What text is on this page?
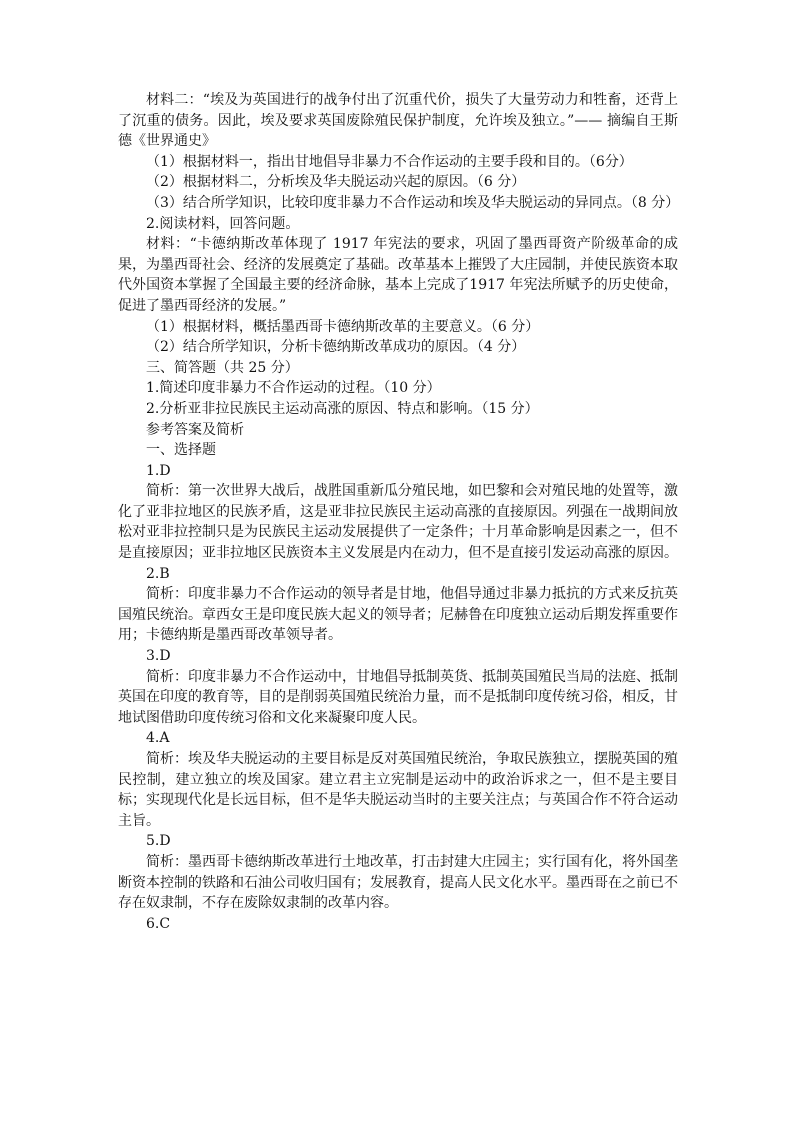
材料二：“埃及为英国进行的战争付出了沉重代价，损失了大量劳动力和牲畜，还背上了沉重的债务。因此，埃及要求英国废除殖民保护制度，允许埃及独立。”—— 摘编自王斯德《世界通史》

（1）根据材料一，指出甘地倡导非暴力不合作运动的主要手段和目的。（6分）

（2）根据材料二，分析埃及华夫脱运动兴起的原因。（6 分）

（3）结合所学知识，比较印度非暴力不合作运动和埃及华夫脱运动的异同点。（8 分）

2.阅读材料，回答问题。

材料：“卡德纳斯改革体现了 1917 年宪法的要求，巩固了墨西哥资产阶级革命的成果，为墨西哥社会、经济的发展奠定了基础。改革基本上摧毁了大庄园制，并使民族资本取代外国资本掌握了全国最主要的经济命脉，基本上完成了1917 年宪法所赋予的历史使命，促进了墨西哥经济的发展。”

（1）根据材料，概括墨西哥卡德纳斯改革的主要意义。（6 分）

（2）结合所学知识，分析卡德纳斯改革成功的原因。（4 分）

三、简答题（共 25 分）

1.简述印度非暴力不合作运动的过程。（10 分）

2.分析亚非拉民族民主运动高涨的原因、特点和影响。（15 分）

参考答案及简析

一、选择题

1.D

简析：第一次世界大战后，战胜国重新瓜分殖民地，如巴黎和会对殖民地的处置等，激化了亚非拉地区的民族矛盾，这是亚非拉民族民主运动高涨的直接原因。列强在一战期间放松对亚非拉控制只是为民族民主运动发展提供了一定条件；十月革命影响是因素之一，但不是直接原因；亚非拉地区民族资本主义发展是内在动力，但不是直接引发运动高涨的原因。

2.B

简析：印度非暴力不合作运动的领导者是甘地，他倡导通过非暴力抵抗的方式来反抗英国殖民统治。章西女王是印度民族大起义的领导者；尼赫鲁在印度独立运动后期发挥重要作用；卡德纳斯是墨西哥改革领导者。

3.D

简析：印度非暴力不合作运动中，甘地倡导抵制英货、抵制英国殖民当局的法庭、抵制英国在印度的教育等，目的是削弱英国殖民统治力量，而不是抵制印度传统习俗，相反，甘地试图借助印度传统习俗和文化来凝聚印度人民。

4.A

简析：埃及华夫脱运动的主要目标是反对英国殖民统治，争取民族独立，摆脱英国的殖民控制，建立独立的埃及国家。建立君主立宪制是运动中的政治诉求之一，但不是主要目标；实现现代化是长远目标，但不是华夫脱运动当时的主要关注点；与英国合作不符合运动主旨。

5.D

简析：墨西哥卡德纳斯改革进行土地改革，打击封建大庄园主；实行国有化，将外国垄断资本控制的铁路和石油公司收归国有；发展教育，提高人民文化水平。墨西哥在之前已不存在奴隶制，不存在废除奴隶制的改革内容。

6.C
